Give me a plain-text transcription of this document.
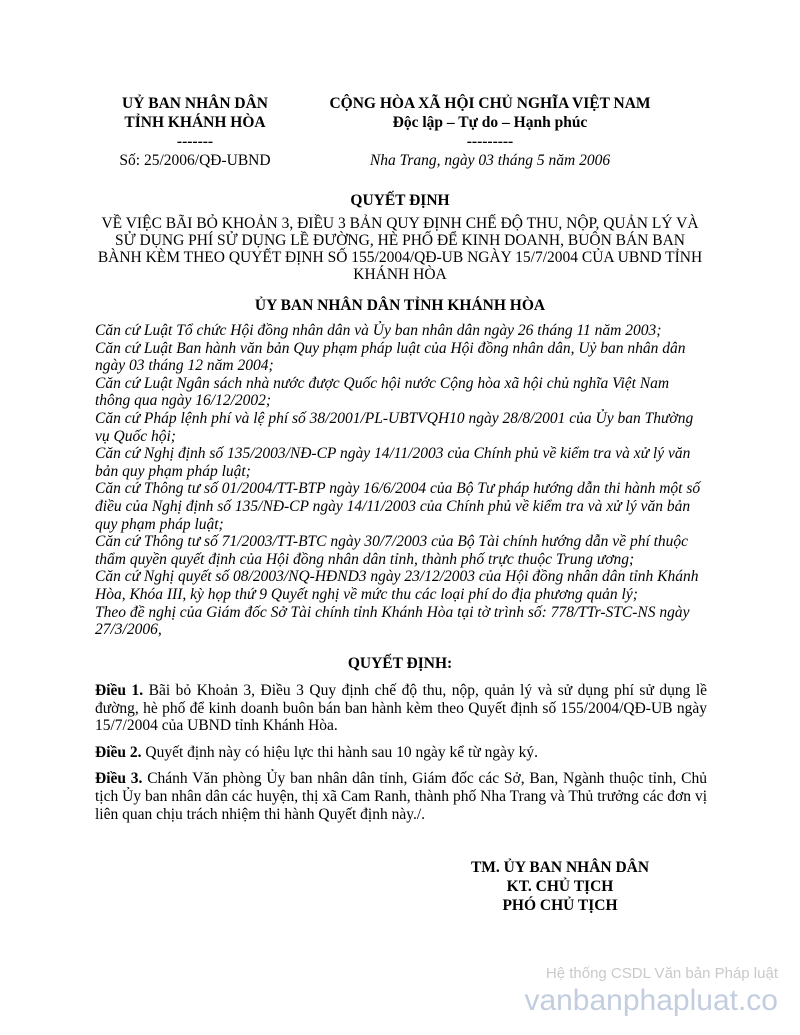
UỶ BAN NHÂN DÂN
TỈNH KHÁNH HÒA
-------
Số: 25/2006/QĐ-UBND
CỘNG HÒA XÃ HỘI CHỦ NGHĨA VIỆT NAM
Độc lập – Tự do – Hạnh phúc
---------
Nha Trang, ngày 03 tháng 5 năm 2006
QUYẾT ĐỊNH
VỀ VIỆC BÃI BỎ KHOẢN 3, ĐIỀU 3 BẢN QUY ĐỊNH CHẾ ĐỘ THU, NỘP, QUẢN LÝ VÀ SỬ DỤNG PHÍ SỬ DỤNG LỀ ĐƯỜNG, HÈ PHỐ ĐỂ KINH DOANH, BUÔN BÁN BAN BÀNH KÈM THEO QUYẾT ĐỊNH SỐ 155/2004/QĐ-UB NGÀY 15/7/2004 CỦA UBND TỈNH KHÁNH HÒA
ỦY BAN NHÂN DÂN TỈNH KHÁNH HÒA

Căn cứ Luật Tổ chức Hội đồng nhân dân và Ủy ban nhân dân ngày 26 tháng 11 năm 2003;

Căn cứ Luật Ban hành văn bản Quy phạm pháp luật của Hội đồng nhân dân, Uỷ ban nhân dân ngày 03 tháng 12 năm 2004;

Căn cứ Luật Ngân sách nhà nước được Quốc hội nước Cộng hòa xã hội chủ nghĩa Việt Nam thông qua ngày 16/12/2002;

Căn cứ Pháp lệnh phí và lệ phí số 38/2001/PL-UBTVQH10 ngày 28/8/2001 của Ủy ban Thường vụ Quốc hội;

Căn cứ Nghị định số 135/2003/NĐ-CP ngày 14/11/2003 của Chính phủ về kiểm tra và xử lý văn bản quy phạm pháp luật;

Căn cứ Thông tư số 01/2004/TT-BTP ngày 16/6/2004 của Bộ Tư pháp hướng dẫn thi hành một số điều của Nghị định số 135/NĐ-CP ngày 14/11/2003 của Chính phủ về kiểm tra và xử lý văn bản quy phạm pháp luật;

Căn cứ Thông tư số 71/2003/TT-BTC ngày 30/7/2003 của Bộ Tài chính hướng dẫn về phí thuộc thẩm quyền quyết định của Hội đồng nhân dân tỉnh, thành phố trực thuộc Trung ương;

Căn cứ Nghị quyết số 08/2003/NQ-HĐND3 ngày 23/12/2003 của Hội đồng nhân dân tỉnh Khánh Hòa, Khóa III, kỳ họp thứ 9 Quyết nghị về mức thu các loại phí do địa phương quản lý;

Theo đề nghị của Giám đốc Sở Tài chính tỉnh Khánh Hòa tại tờ trình số: 778/TTr-STC-NS ngày 27/3/2006,

QUYẾT ĐỊNH:

Điều 1. Bãi bỏ Khoản 3, Điều 3 Quy định chế độ thu, nộp, quản lý và sử dụng phí sử dụng lề đường, hè phố để kinh doanh buôn bán ban hành kèm theo Quyết định số 155/2004/QĐ-UB ngày 15/7/2004 của UBND tỉnh Khánh Hòa.

Điều 2. Quyết định này có hiệu lực thi hành sau 10 ngày kể từ ngày ký.

Điều 3. Chánh Văn phòng Ủy ban nhân dân tỉnh, Giám đốc các Sở, Ban, Ngành thuộc tỉnh, Chủ tịch Ủy ban nhân dân các huyện, thị xã Cam Ranh, thành phố Nha Trang và Thủ trưởng các đơn vị liên quan chịu trách nhiệm thi hành Quyết định này./.

TM. ỦY BAN NHÂN DÂN
KT. CHỦ TỊCH
PHÓ CHỦ TỊCH
Hệ thống CSDL Văn bản Pháp luật
vanbanphapluat.co
